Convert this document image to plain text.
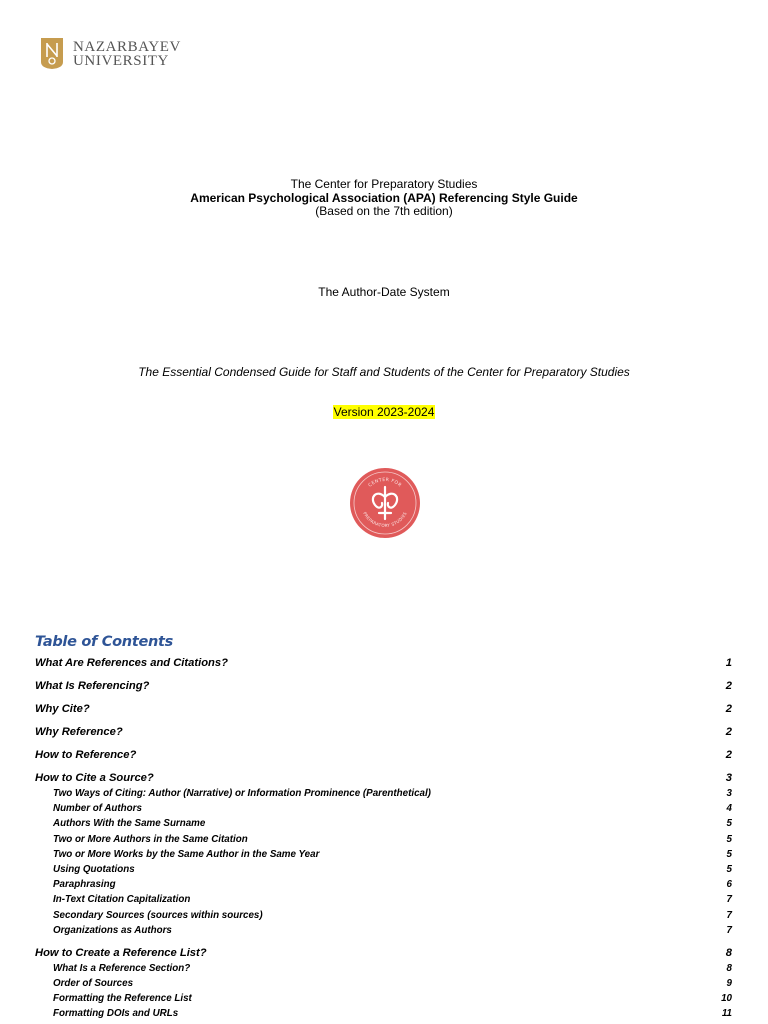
NAZARBAYEV
UNIVERSITY
The Center for Preparatory Studies
American Psychological Association (APA) Referencing Style Guide
(Based on the 7th edition)
The Author-Date System
The Essential Condensed Guide for Staff and Students of the Center for Preparatory Studies
Version 2023-2024
CENTER FOR
PREPARATORY STUDIES
Table of Contents
What Are References and Citations?	1
What Is Referencing?	2
Why Cite?	2
Why Reference?	2
How to Reference?	2
How to Cite a Source?	3
Two Ways of Citing: Author (Narrative) or Information Prominence (Parenthetical)	3
Number of Authors	4
Authors With the Same Surname	5
Two or More Authors in the Same Citation	5
Two or More Works by the Same Author in the Same Year	5
Using Quotations	5
Paraphrasing	6
In-Text Citation Capitalization	7
Secondary Sources (sources within sources)	7
Organizations as Authors	7
How to Create a Reference List?	8
What Is a Reference Section?	8
Order of Sources	9
Formatting the Reference List	10
Formatting DOIs and URLs	11
